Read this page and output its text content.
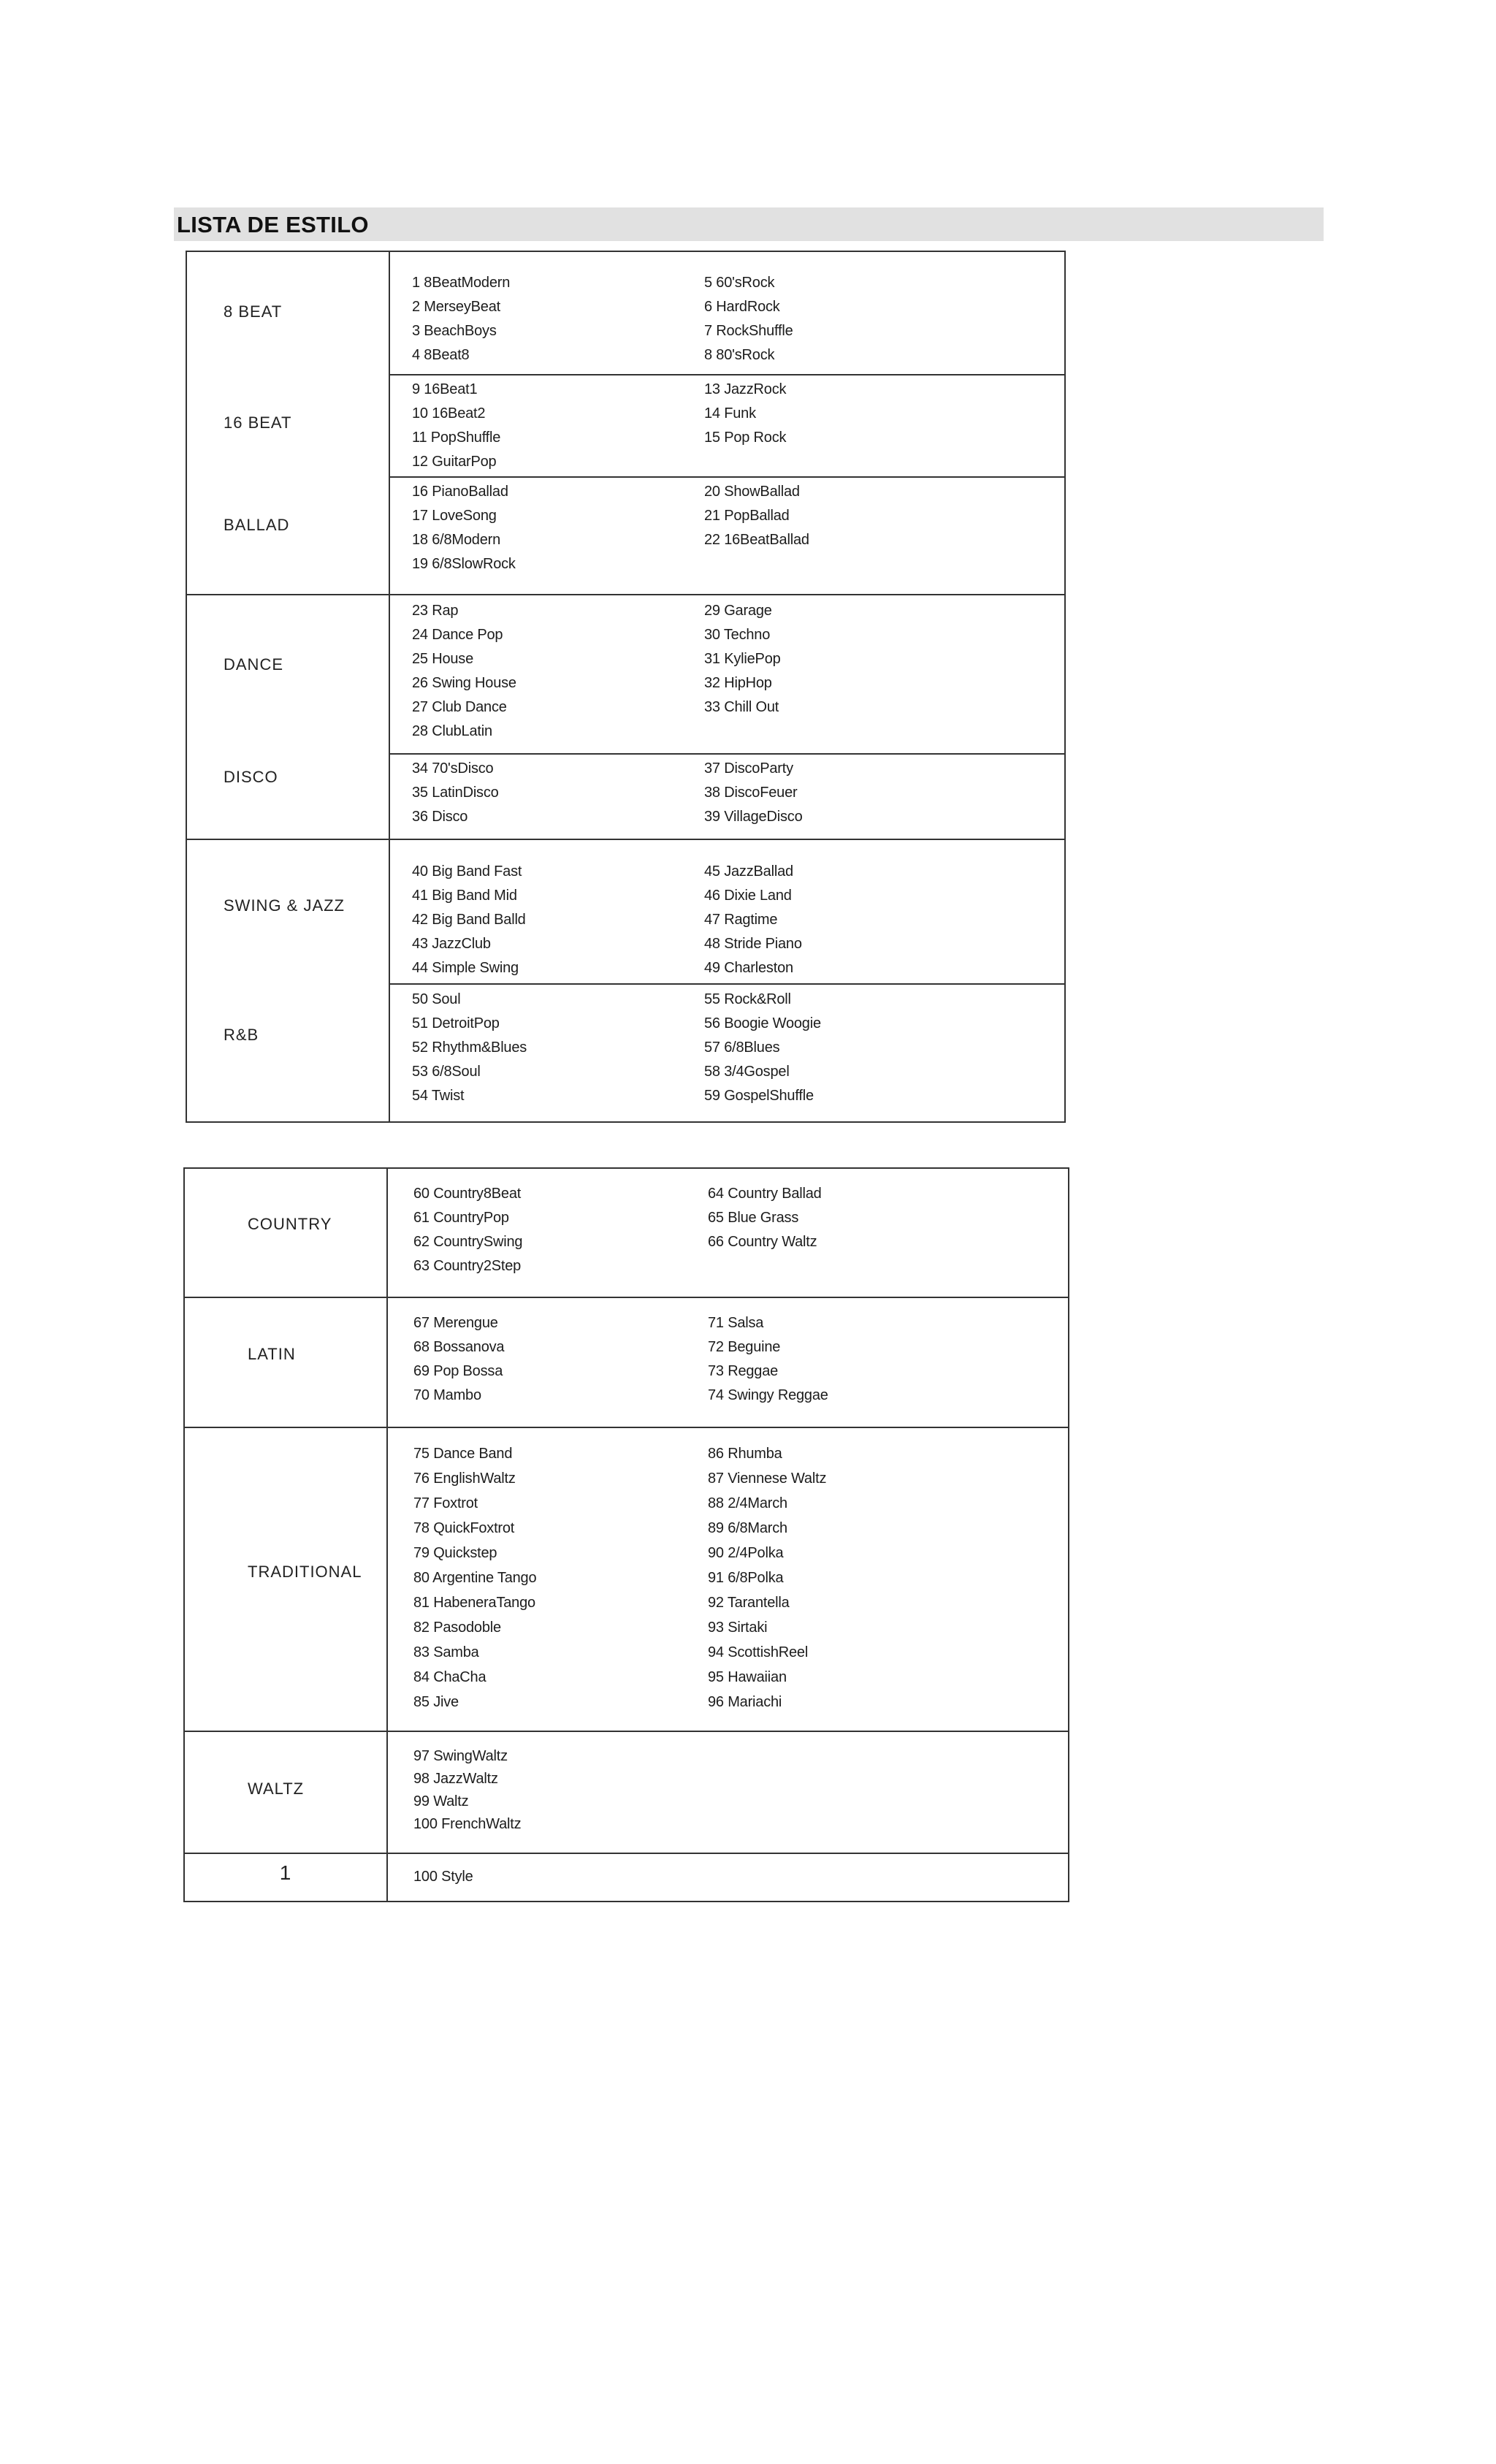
LISTA DE ESTILO
8 BEAT
1 8BeatModern
2 MerseyBeat
3 BeachBoys
4 8Beat8
5 60'sRock
6 HardRock
7 RockShuffle
8 80'sRock
16 BEAT
9 16Beat1
10 16Beat2
11 PopShuffle
12 GuitarPop
13 JazzRock
14 Funk
15 Pop Rock
BALLAD
16 PianoBallad
17 LoveSong
18 6/8Modern
19 6/8SlowRock
20 ShowBallad
21 PopBallad
22 16BeatBallad
DANCE
23 Rap
24 Dance Pop
25 House
26 Swing House
27 Club Dance
28 ClubLatin
29 Garage
30 Techno
31 KyliePop
32 HipHop
33 Chill Out
DISCO	34 70'sDisco
35 LatinDisco
36 Disco
37 DiscoParty
38 DiscoFeuer
39 VillageDisco
SWING & JAZZ
40 Big Band Fast
41 Big Band Mid
42 Big Band Balld
43 JazzClub
44 Simple Swing
45 JazzBallad
46 Dixie Land
47 Ragtime
48 Stride Piano
49 Charleston
R&B
50 Soul
51 DetroitPop
52 Rhythm&Blues
53 6/8Soul
54 Twist
55 Rock&Roll
56 Boogie Woogie
57 6/8Blues
58 3/4Gospel
59 GospelShuffle
COUNTRY
60 Country8Beat
61 CountryPop
62 CountrySwing
63 Country2Step
64 Country Ballad
65 Blue Grass
66 Country Waltz
LATIN
67 Merengue
68 Bossanova
69 Pop Bossa
70 Mambo
71 Salsa
72 Beguine
73 Reggae
74 Swingy Reggae
TRADITIONAL
75 Dance Band
76 EnglishWaltz
77 Foxtrot
78 QuickFoxtrot
79 Quickstep
80 Argentine Tango
81 HabeneraTango
82 Pasodoble
83 Samba
84 ChaCha
85 Jive
86 Rhumba
87 Viennese Waltz
88 2/4March
89 6/8March
90 2/4Polka
91 6/8Polka
92 Tarantella
93 Sirtaki
94 ScottishReel
95 Hawaiian
96 Mariachi
WALTZ
97 SwingWaltz
98 JazzWaltz
99 Waltz
100 FrenchWaltz
1	100 Style
